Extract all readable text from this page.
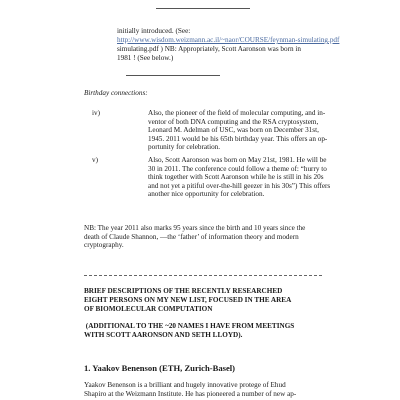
initially introduced. (See:

http://www.wisdom.weizmann.ac.il/~naor/COURSE/feynman-simulating.pdf

simulating.pdf ) NB: Appropriately, Scott Aaronson was born in

1981 ! (See below.)

Birthday connections:

iv)	Also, the pioneer of the field of molecular computing, and in-

ventor of both DNA computing and the RSA cryptosystem,

Leonard M. Adelman of USC, was born on December 31st,

1945. 2011 would be his 65th birthday year. This offers an op-

portunity for celebration.

v)	Also, Scott Aaronson was born on May 21st, 1981. He will be

30 in 2011. The conference could follow a theme of: “hurry to

think together with Scott Aaronson while he is still in his 20s

and not yet a pitiful over-the-hill geezer in his 30s”) This offers

another nice opportunity for celebration.

NB: The year 2011 also marks 95 years since the birth and 10 years since the

death of Claude Shannon, —the ‘father’ of information theory and modern

cryptography.

BRIEF DESCRIPTIONS OF THE RECENTLY RESEARCHED

EIGHT PERSONS ON MY NEW LIST, FOCUSED IN THE AREA

OF BIOMOLECULAR COMPUTATION

(ADDITIONAL TO THE ~20 NAMES I HAVE FROM MEETINGS

WITH SCOTT AARONSON AND SETH LLOYD).

1. Yaakov Benenson (ETH, Zurich-Basel)

Yaakov Benenson is a brilliant and hugely innovative protege of Ehud

Shapiro at the Weizmann Institute. He has pioneered a number of new ap-
